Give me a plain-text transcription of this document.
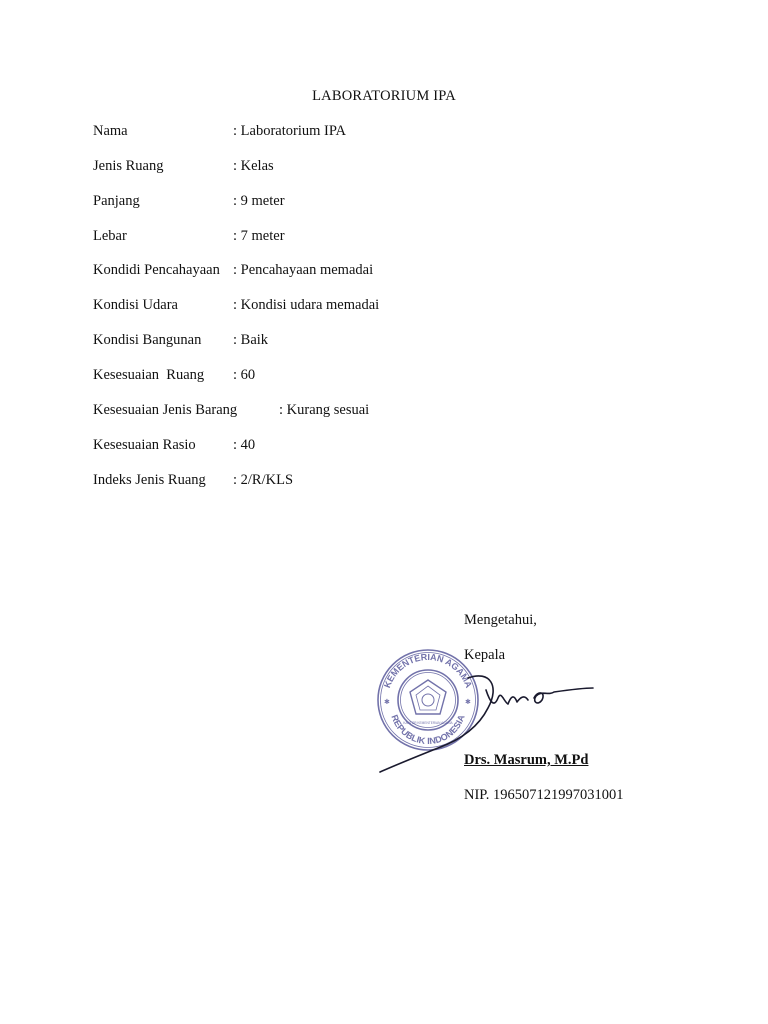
LABORATORIUM IPA
Nama	: Laboratorium IPA
Jenis Ruang	: Kelas
Panjang	: 9 meter
Lebar	: 7 meter
Kondidi Pencahayaan : Pencahayaan memadai
Kondisi Udara	: Kondisi udara memadai
Kondisi Bangunan : Baik
Kesesuaian  Ruang : 60
Kesesuaian Jenis Barang	: Kurang sesuai
Kesesuaian Rasio	: 40
Indeks Jenis Ruang : 2/R/KLS
KEMENTERIAN AGAMA
REPUBLIK INDONESIA
KANTOR KEMENTERIAN AGAMA
✱	✱
Mengetahui,
Kepala
Drs. Masrum, M.Pd
NIP. 196507121997031001
